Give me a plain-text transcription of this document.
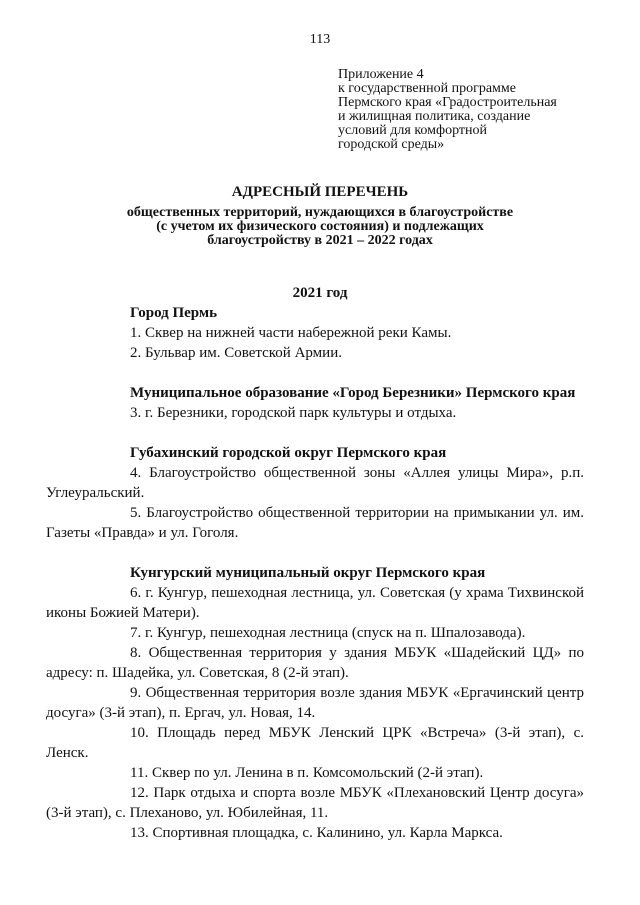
113
Приложение 4
к государственной программе
Пермского края «Градостроительная
и жилищная политика, создание
условий для комфортной
городской среды»
АДРЕСНЫЙ ПЕРЕЧЕНЬ
общественных территорий, нуждающихся в благоустройстве
(с учетом их физического состояния) и подлежащих
благоустройству в 2021 – 2022 годах
2021 год
Город Пермь
1. Сквер на нижней части набережной реки Камы.
2. Бульвар им. Советской Армии.
Муниципальное образование «Город Березники» Пермского края
3. г. Березники, городской парк культуры и отдыха.
Губахинский городской округ Пермского края
4. Благоустройство общественной зоны «Аллея улицы Мира», р.п. Углеуральский.
5. Благоустройство общественной территории на примыкании ул. им. Газеты «Правда» и ул. Гоголя.
Кунгурский муниципальный округ Пермского края
6. г. Кунгур, пешеходная лестница, ул. Советская (у храма Тихвинской иконы Божией Матери).
7. г. Кунгур, пешеходная лестница (спуск на п. Шпалозавода).
8. Общественная территория у здания МБУК «Шадейский ЦД» по адресу: п. Шадейка, ул. Советская, 8 (2-й этап).
9. Общественная территория возле здания МБУК «Ергачинский центр досуга» (3-й этап), п. Ергач, ул. Новая, 14.
10. Площадь перед МБУК Ленский ЦРК «Встреча» (3-й этап), с. Ленск.
11. Сквер по ул. Ленина в п. Комсомольский (2-й этап).
12. Парк отдыха и спорта возле МБУК «Плехановский Центр досуга» (3-й этап), с. Плеханово, ул. Юбилейная, 11.
13. Спортивная площадка, с. Калинино, ул. Карла Маркса.
